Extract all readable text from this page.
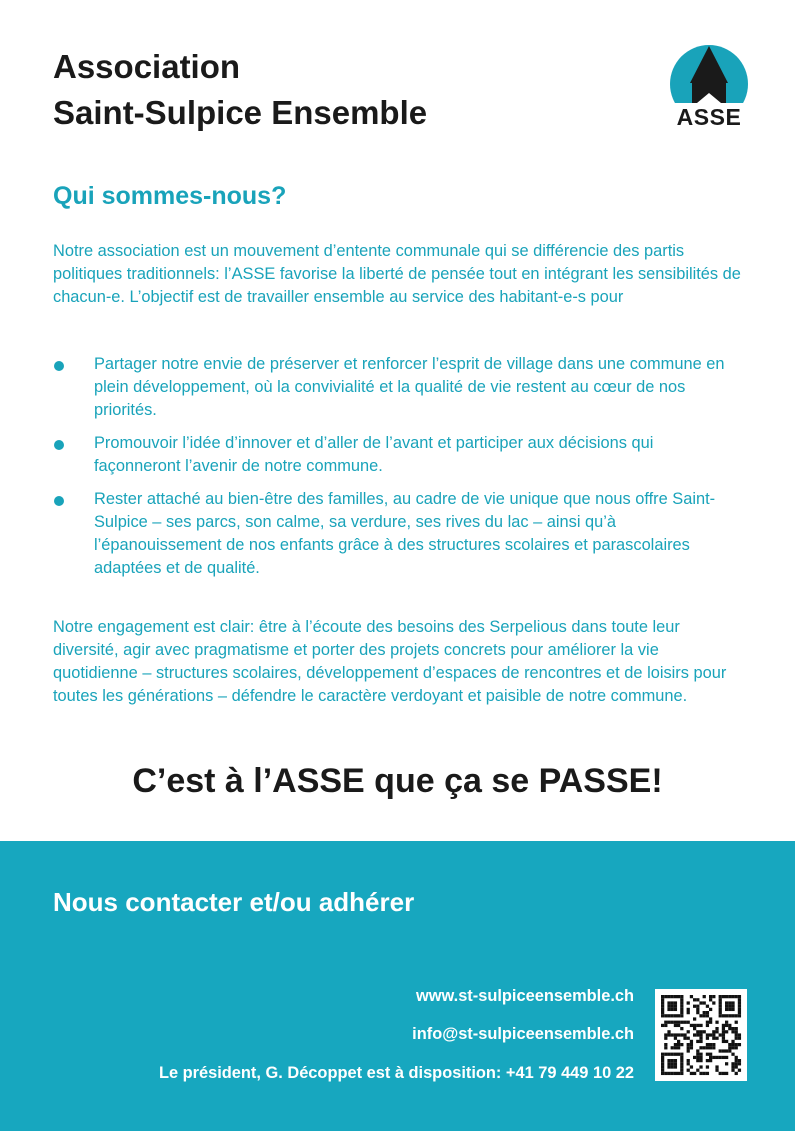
Association
Saint-Sulpice Ensemble	ASSE
Qui sommes-nous?

Notre association est un mouvement d’entente communale qui se différencie des partis politiques traditionnels: l’ASSE favorise la liberté de pensée tout en intégrant les sensibilités de chacun-e. L’objectif est de travailler ensemble au service des habitant-e-s pour

Partager notre envie de préserver et renforcer l’esprit de village dans une commune en plein développement, où la convivialité et la qualité de vie restent au cœur de nos priorités.
Promouvoir l’idée d’innover et d’aller de l’avant et participer aux décisions qui façonneront l’avenir de notre commune.
Rester attaché au bien-être des familles, au cadre de vie unique que nous offre Saint-Sulpice – ses parcs, son calme, sa verdure, ses rives du lac – ainsi qu’à l’épanouissement de nos enfants grâce à des structures scolaires et parascolaires adaptées et de qualité.

Notre engagement est clair: être à l’écoute des besoins des Serpelious dans toute leur diversité, agir avec pragmatisme et porter des projets concrets pour améliorer la vie quotidienne – structures scolaires, développement d’espaces de rencontres et de loisirs pour toutes les générations – défendre le caractère verdoyant et paisible de notre commune.

C’est à l’ASSE que ça se PASSE!

Nous contacter et/ou adhérer
www.st-sulpiceensemble.ch
info@st-sulpiceensemble.ch
Le président, G. Décoppet est à disposition: +41 79 449 10 22
